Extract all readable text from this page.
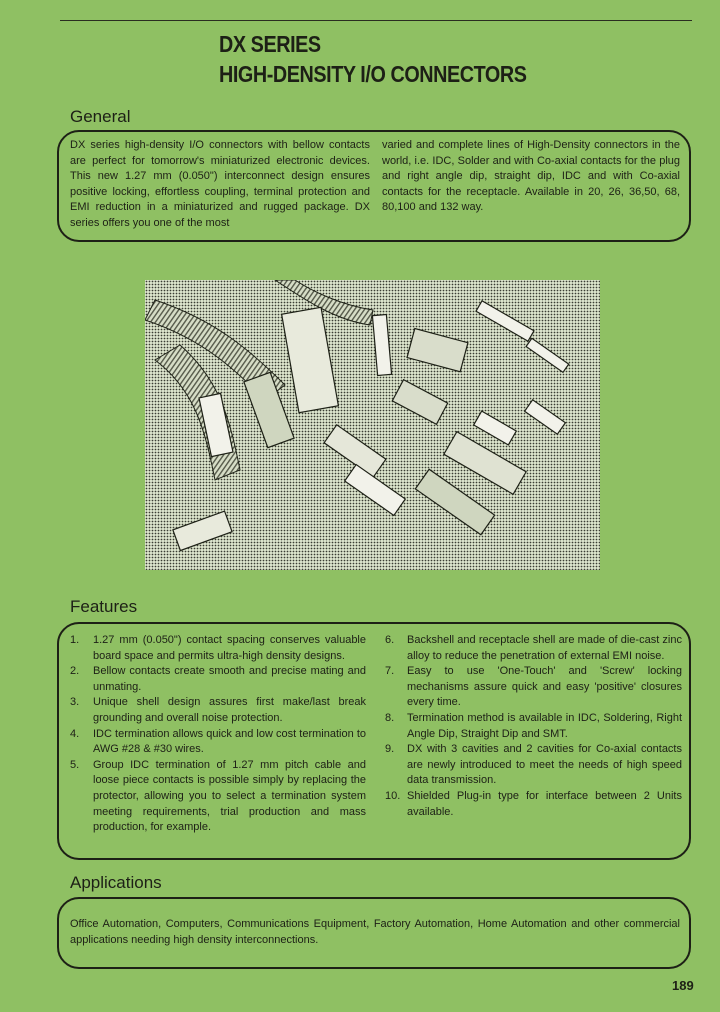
DX SERIES
HIGH-DENSITY I/O CONNECTORS
General
DX series high-density I/O connectors with bellow contacts are perfect for tomorrow's miniaturized electronic devices. This new 1.27 mm (0.050") interconnect design ensures positive locking, effortless coupling, terminal protection and EMI reduction in a miniaturized and rugged package. DX series offers you one of the most
varied and complete lines of High-Density connectors in the world, i.e. IDC, Solder and with Co-axial contacts for the plug and right angle dip, straight dip, IDC and with Co-axial contacts for the receptacle. Available in 20, 26, 36,50, 68, 80,100 and 132 way.
Features
1. 1.27 mm (0.050") contact spacing conserves valuable board space and permits ultra-high density designs.
2. Bellow contacts create smooth and precise mating and unmating.
3. Unique shell design assures first make/last break grounding and overall noise protection.
4. IDC termination allows quick and low cost termination to AWG #28 & #30 wires.
5. Group IDC termination of 1.27 mm pitch cable and loose piece contacts is possible simply by replacing the protector, allowing you to select a termination system meeting requirements, trial production and mass production, for example.
6. Backshell and receptacle shell are made of die-cast zinc alloy to reduce the penetration of external EMI noise.
7. Easy to use 'One-Touch' and 'Screw' locking mechanisms assure quick and easy 'positive' closures every time.
8. Termination method is available in IDC, Soldering, Right Angle Dip, Straight Dip and SMT.
9. DX with 3 cavities and 2 cavities for Co-axial contacts are newly introduced to meet the needs of high speed data transmission.
10. Shielded Plug-in type for interface between 2 Units available.
Applications
Office Automation, Computers, Communications Equipment, Factory Automation, Home Automation and other commercial applications needing high density interconnections.
189
